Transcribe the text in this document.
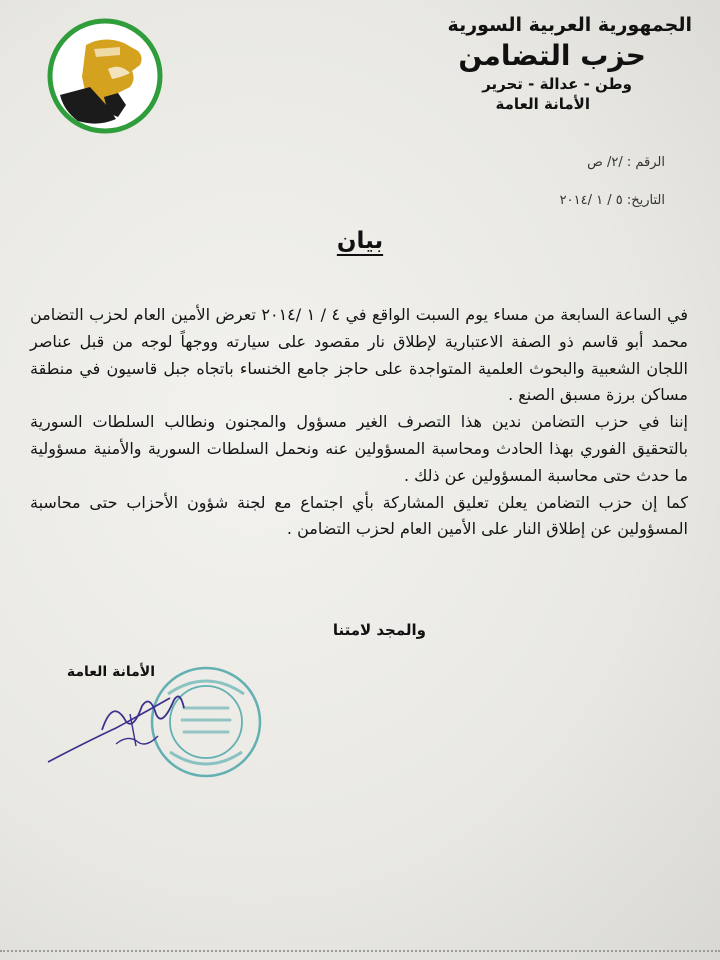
الجمهورية العربية السورية
حزب التضامن
وطن - عدالة - تحرير
الأمانة العامة
الرقم : /٢/ ص
التاريخ: ٥ / ١ /٢٠١٤
بيان

في الساعة السابعة من مساء يوم السبت الواقع في ٤ / ١ /٢٠١٤ تعرض الأمين العام لحزب التضامن محمد أبو قاسم ذو الصفة الاعتبارية لإطلاق نار مقصود على سيارته ووجهاً لوجه من قبل عناصر اللجان الشعبية والبحوث العلمية المتواجدة على حاجز جامع الخنساء باتجاه جبل قاسيون في منطقة مساكن برزة مسبق الصنع .

إننا في حزب التضامن ندين هذا التصرف الغير مسؤول والمجنون ونطالب السلطات السورية بالتحقيق الفوري بهذا الحادث ومحاسبة المسؤولين عنه ونحمل السلطات السورية والأمنية مسؤولية ما حدث حتى محاسبة المسؤولين عن ذلك .

كما إن حزب التضامن يعلن تعليق المشاركة بأي اجتماع مع لجنة شؤون الأحزاب حتى محاسبة المسؤولين عن إطلاق النار على الأمين العام لحزب التضامن .

والمجد لامتنا
الأمانة العامة
